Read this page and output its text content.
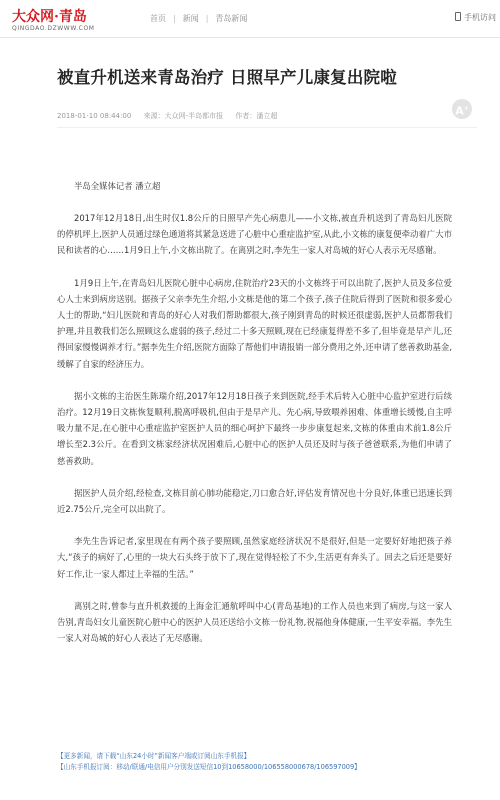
大众网·青岛
QINGDAO.DZWWW.COM
首页 | 新闻 | 青岛新闻	手机访问
被直升机送来青岛治疗 日照早产儿康复出院啦
2018-01-10 08:44:00 来源：大众网-半岛都市报 作者：潘立超	A+

半岛全媒体记者 潘立超

2017年12月18日,出生时仅1.8公斤的日照早产先心病患儿——小文栋,被直升机送到了青岛妇儿医院的停机坪上,医护人员通过绿色通道将其紧急送进了心脏中心重症监护室,从此,小文栋的康复便牵动着广大市民和读者的心……1月9日上午,小文栋出院了。在离别之时,李先生一家人对岛城的好心人表示无尽感谢。

1月9日上午,在青岛妇儿医院心脏中心病房,住院治疗23天的小文栋终于可以出院了,医护人员及多位爱心人士来到病房送别。据孩子父亲李先生介绍,小文栋是他的第二个孩子,孩子住院后得到了医院和很多爱心人士的帮助,“妇儿医院和青岛的好心人对我们帮助都很大,孩子刚到青岛的时候还很虚弱,医护人员都帮我们护理,并且教我们怎么照顾这么虚弱的孩子,经过二十多天照顾,现在已经康复得差不多了,但毕竟是早产儿,还得回家慢慢调养才行。”据李先生介绍,医院方面除了帮他们申请报销一部分费用之外,还申请了慈善救助基金,缓解了自家的经济压力。

据小文栋的主治医生陈瑞介绍,2017年12月18日孩子来到医院,经手术后转入心脏中心监护室进行后续治疗。12月19日文栋恢复顺利,脱离呼吸机,但由于是早产儿、先心病,导致喂养困难、体重增长缓慢,自主呼吸力量不足,在心脏中心重症监护室医护人员的细心呵护下最终一步步康复起来,文栋的体重由术前1.8公斤增长至2.3公斤。在看到文栋家经济状况困难后,心脏中心的医护人员还及时与孩子爸爸联系,为他们申请了慈善救助。

据医护人员介绍,经检查,文栋目前心肺功能稳定,刀口愈合好,评估发育情况也十分良好,体重已迅速长到近2.75公斤,完全可以出院了。

李先生告诉记者,家里现在有两个孩子要照顾,虽然家庭经济状况不是很好,但是一定要好好地把孩子养大,“孩子的病好了,心里的一块大石头终于放下了,现在觉得轻松了不少,生活更有奔头了。回去之后还是要好好工作,让一家人都过上幸福的生活。”

离别之时,曾参与直升机救援的上海金汇通航呼叫中心(青岛基地)的工作人员也来到了病房,与这一家人告别,青岛妇女儿童医院心脏中心的医护人员还送给小文栋一份礼物,祝福他身体健康,一生平安幸福。李先生一家人对岛城的好心人表达了无尽感谢。

【更多新闻，请下载“山东24小时”新闻客户端或订阅山东手机报】
【山东手机报订阅：移动/联通/电信用户分别发送短信10到10658000/106558000678/106597009】
